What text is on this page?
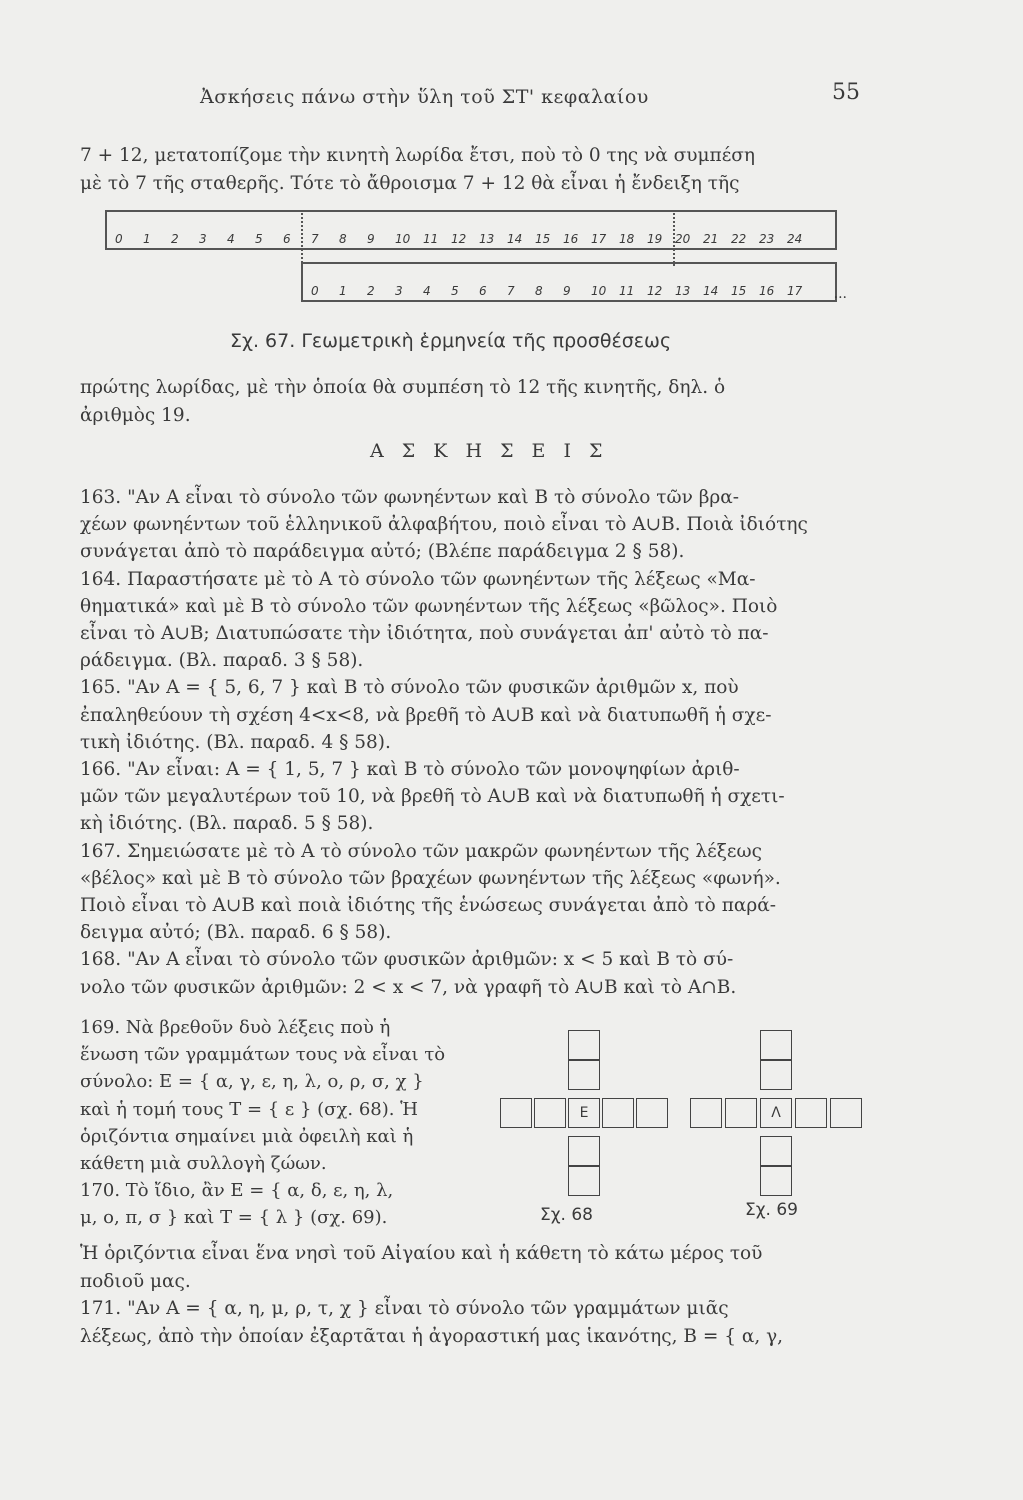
Ἀσκήσεις πάνω στὴν ὕλη τοῦ ΣΤ' κεφαλαίου	55
7 + 12, μετατοπίζομε τὴν κινητὴ λωρίδα ἔτσι, ποὺ τὸ 0 της νὰ συμπέση
μὲ τὸ 7 τῆς σταθερῆς. Τότε τὸ ἄθροισμα 7 + 12 θὰ εἶναι ἡ ἔνδειξη τῆς
0 1 2 3 4 5 6 7 8 9 10 11 12 13 14 15 16 17 18 19 20 21 22 23 24
0 1 2 3 4 5 6 7 8 9 10 11 12 13 14 15 16 17 ...
Σχ. 67. Γεωμετρικὴ ἑρμηνεία τῆς προσθέσεως
πρώτης λωρίδας, μὲ τὴν ὁποία θὰ συμπέση τὸ 12 τῆς κινητῆς, δηλ. ὁ
ἀριθμὸς 19.
Α Σ Κ Η Σ Ε Ι Σ
163. "Αν Α εἶναι τὸ σύνολο τῶν φωνηέντων καὶ Β τὸ σύνολο τῶν βρα-
χέων φωνηέντων τοῦ ἑλληνικοῦ ἀλφαβήτου, ποιὸ εἶναι τὸ Α∪Β. Ποιὰ ἰδιότης
συνάγεται ἀπὸ τὸ παράδειγμα αὐτό; (Βλέπε παράδειγμα 2 § 58).
164. Παραστήσατε μὲ τὸ Α τὸ σύνολο τῶν φωνηέντων τῆς λέξεως «Μα-
θηματικά» καὶ μὲ Β τὸ σύνολο τῶν φωνηέντων τῆς λέξεως «βῶλος». Ποιὸ
εἶναι τὸ Α∪Β; Διατυπώσατε τὴν ἰδιότητα, ποὺ συνάγεται ἀπ' αὐτὸ τὸ πα-
ράδειγμα. (Βλ. παραδ. 3 § 58).
165. "Αν Α = { 5, 6, 7 } καὶ Β τὸ σύνολο τῶν φυσικῶν ἀριθμῶν x, ποὺ
ἐπαληθεύουν τὴ σχέση 4<x<8, νὰ βρεθῆ τὸ Α∪Β καὶ νὰ διατυπωθῆ ἡ σχε-
τικὴ ἰδιότης. (Βλ. παραδ. 4 § 58).
166. "Αν εἶναι: Α = { 1, 5, 7 } καὶ Β τὸ σύνολο τῶν μονοψηφίων ἀριθ-
μῶν τῶν μεγαλυτέρων τοῦ 10, νὰ βρεθῆ τὸ Α∪Β καὶ νὰ διατυπωθῆ ἡ σχετι-
κὴ ἰδιότης. (Βλ. παραδ. 5 § 58).
167. Σημειώσατε μὲ τὸ Α τὸ σύνολο τῶν μακρῶν φωνηέντων τῆς λέξεως
«βέλος» καὶ μὲ Β τὸ σύνολο τῶν βραχέων φωνηέντων τῆς λέξεως «φωνή».
Ποιὸ εἶναι τὸ Α∪Β καὶ ποιὰ ἰδιότης τῆς ἑνώσεως συνάγεται ἀπὸ τὸ παρά-
δειγμα αὐτό; (Βλ. παραδ. 6 § 58).
168. "Αν Α εἶναι τὸ σύνολο τῶν φυσικῶν ἀριθμῶν: x < 5 καὶ Β τὸ σύ-
νολο τῶν φυσικῶν ἀριθμῶν: 2 < x < 7, νὰ γραφῆ τὸ Α∪Β καὶ τὸ Α∩Β.
169. Νὰ βρεθοῦν δυὸ λέξεις ποὺ ἡ
ἕνωση τῶν γραμμάτων τους νὰ εἶναι τὸ
σύνολο: Ε = { α, γ, ε, η, λ, ο, ρ, σ, χ }
καὶ ἡ τομή τους Τ = { ε } (σχ. 68). Ἡ
ὁριζόντια σημαίνει μιὰ ὀφειλὴ καὶ ἡ
κάθετη μιὰ συλλογὴ ζώων.
170. Τὸ ἴδιο, ἂν Ε = { α, δ, ε, η, λ,
μ, ο, π, σ } καὶ Τ = { λ } (σχ. 69).
Ε
Σχ. 68
Λ
Σχ. 69
Ἡ ὁριζόντια εἶναι ἕνα νησὶ τοῦ Αἰγαίου καὶ ἡ κάθετη τὸ κάτω μέρος τοῦ
ποδιοῦ μας.
171. "Αν Α = { α, η, μ, ρ, τ, χ } εἶναι τὸ σύνολο τῶν γραμμάτων μιᾶς
λέξεως, ἀπὸ τὴν ὁποίαν ἐξαρτᾶται ἡ ἀγοραστική μας ἱκανότης, Β = { α, γ,
